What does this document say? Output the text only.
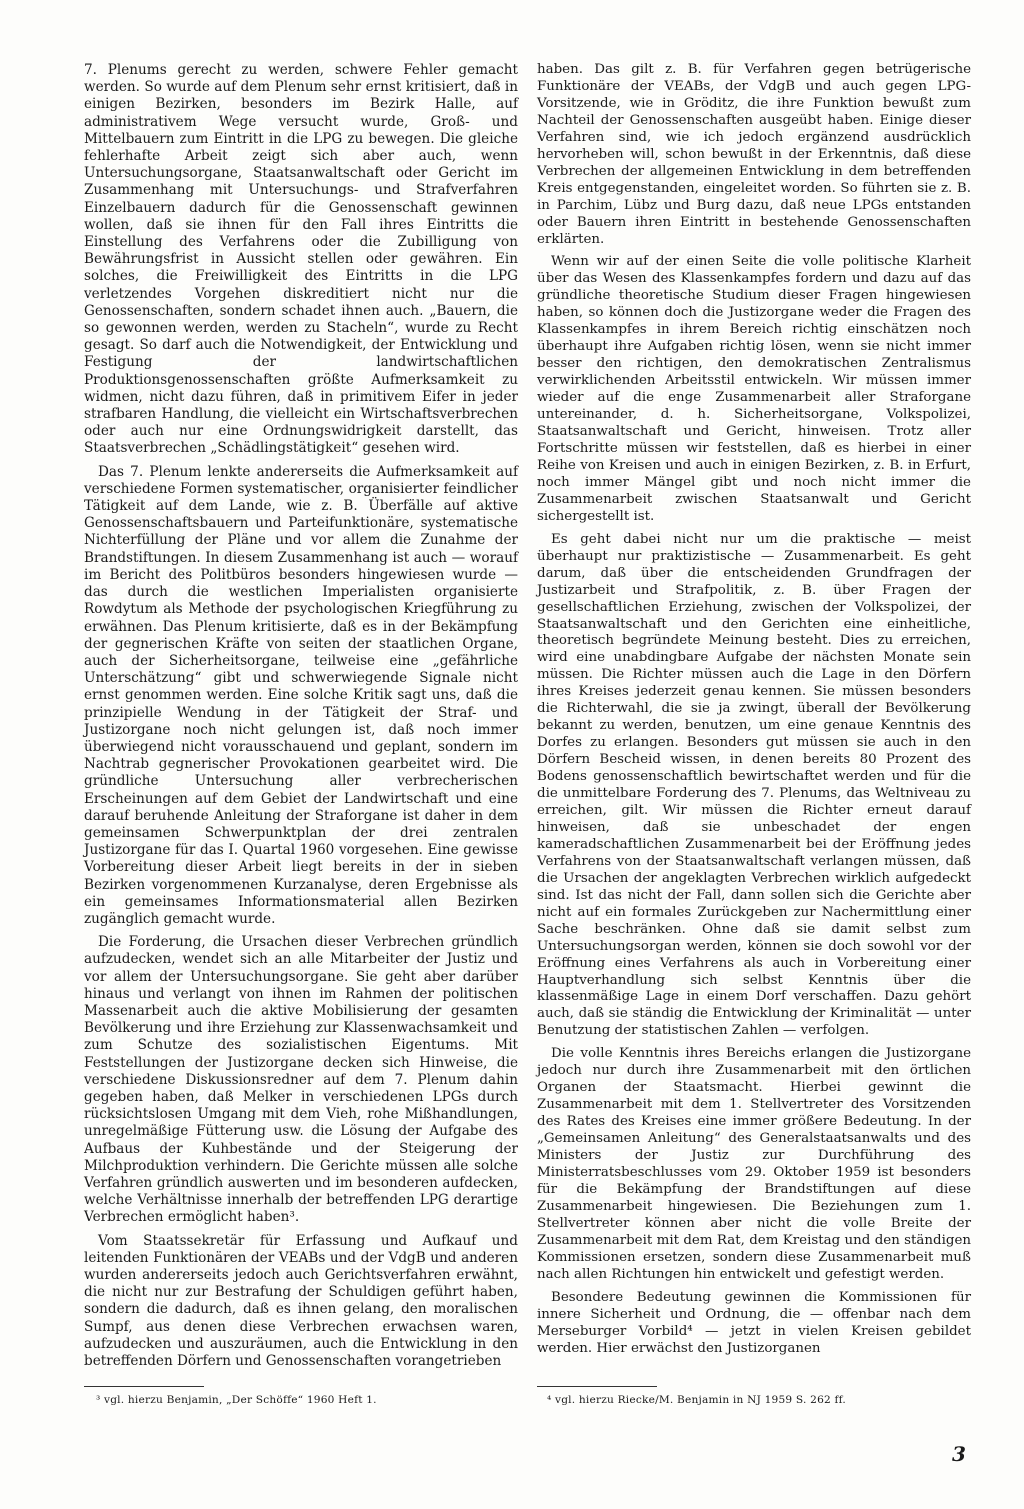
7. Plenums gerecht zu werden, schwere Fehler gemacht werden. So wurde auf dem Plenum sehr ernst kritisiert, daß in einigen Bezirken, besonders im Bezirk Halle, auf administrativem Wege versucht wurde, Groß- und Mittelbauern zum Eintritt in die LPG zu bewegen. Die gleiche fehlerhafte Arbeit zeigt sich aber auch, wenn Untersuchungsorgane, Staatsanwaltschaft oder Gericht im Zusammenhang mit Untersuchungs- und Strafverfahren Einzelbauern dadurch für die Genossenschaft gewinnen wollen, daß sie ihnen für den Fall ihres Eintritts die Einstellung des Verfahrens oder die Zubilligung von Bewährungsfrist in Aussicht stellen oder gewähren. Ein solches, die Freiwilligkeit des Eintritts in die LPG verletzendes Vorgehen diskreditiert nicht nur die Genossenschaften, sondern schadet ihnen auch. „Bauern, die so gewonnen werden, werden zu Stacheln“, wurde zu Recht gesagt. So darf auch die Notwendigkeit, der Entwicklung und Festigung der landwirtschaftlichen Produktionsgenossenschaften größte Aufmerksamkeit zu widmen, nicht dazu führen, daß in primitivem Eifer in jeder strafbaren Handlung, die vielleicht ein Wirtschaftsverbrechen oder auch nur eine Ordnungswidrigkeit darstellt, das Staatsverbrechen „Schädlingstätigkeit“ gesehen wird.

Das 7. Plenum lenkte andererseits die Aufmerksamkeit auf verschiedene Formen systematischer, organisierter feindlicher Tätigkeit auf dem Lande, wie z. B. Überfälle auf aktive Genossenschaftsbauern und Parteifunktionäre, systematische Nichterfüllung der Pläne und vor allem die Zunahme der Brandstiftungen. In diesem Zusammenhang ist auch — worauf im Bericht des Politbüros besonders hingewiesen wurde — das durch die westlichen Imperialisten organisierte Rowdytum als Methode der psychologischen Kriegführung zu erwähnen. Das Plenum kritisierte, daß es in der Bekämpfung der gegnerischen Kräfte von seiten der staatlichen Organe, auch der Sicherheitsorgane, teilweise eine „gefährliche Unterschätzung“ gibt und schwerwiegende Signale nicht ernst genommen werden. Eine solche Kritik sagt uns, daß die prinzipielle Wendung in der Tätigkeit der Straf- und Justizorgane noch nicht gelungen ist, daß noch immer überwiegend nicht vorausschauend und geplant, sondern im Nachtrab gegnerischer Provokationen gearbeitet wird. Die gründliche Untersuchung aller verbrecherischen Erscheinungen auf dem Gebiet der Landwirtschaft und eine darauf beruhende Anleitung der Straforgane ist daher in dem gemeinsamen Schwerpunktplan der drei zentralen Justizorgane für das I. Quartal 1960 vorgesehen. Eine gewisse Vorbereitung dieser Arbeit liegt bereits in der in sieben Bezirken vorgenommenen Kurzanalyse, deren Ergebnisse als ein gemeinsames Informationsmaterial allen Bezirken zugänglich gemacht wurde.

Die Forderung, die Ursachen dieser Verbrechen gründlich aufzudecken, wendet sich an alle Mitarbeiter der Justiz und vor allem der Untersuchungsorgane. Sie geht aber darüber hinaus und verlangt von ihnen im Rahmen der politischen Massenarbeit auch die aktive Mobilisierung der gesamten Bevölkerung und ihre Erziehung zur Klassenwachsamkeit und zum Schutze des sozialistischen Eigentums. Mit Feststellungen der Justizorgane decken sich Hinweise, die verschiedene Diskussionsredner auf dem 7. Plenum dahin gegeben haben, daß Melker in verschiedenen LPGs durch rücksichtslosen Umgang mit dem Vieh, rohe Mißhandlungen, unregelmäßige Fütterung usw. die Lösung der Aufgabe des Aufbaus der Kuhbestände und der Steigerung der Milchproduktion verhindern. Die Gerichte müssen alle solche Verfahren gründlich auswerten und im besonderen aufdecken, welche Verhältnisse innerhalb der betreffenden LPG derartige Verbrechen ermöglicht haben³.

Vom Staatssekretär für Erfassung und Aufkauf und leitenden Funktionären der VEABs und der VdgB und anderen wurden andererseits jedoch auch Gerichtsverfahren erwähnt, die nicht nur zur Bestrafung der Schuldigen geführt haben, sondern die dadurch, daß es ihnen gelang, den moralischen Sumpf, aus denen diese Verbrechen erwachsen waren, aufzudecken und auszuräumen, auch die Entwicklung in den betreffenden Dörfern und Genossenschaften vorangetrieben

haben. Das gilt z. B. für Verfahren gegen betrügerische Funktionäre der VEABs, der VdgB und auch gegen LPG-Vorsitzende, wie in Gröditz, die ihre Funktion bewußt zum Nachteil der Genossenschaften ausgeübt haben. Einige dieser Verfahren sind, wie ich jedoch ergänzend ausdrücklich hervorheben will, schon bewußt in der Erkenntnis, daß diese Verbrechen der allgemeinen Entwicklung in dem betreffenden Kreis entgegenstanden, eingeleitet worden. So führten sie z. B. in Parchim, Lübz und Burg dazu, daß neue LPGs entstanden oder Bauern ihren Eintritt in bestehende Genossenschaften erklärten.

Wenn wir auf der einen Seite die volle politische Klarheit über das Wesen des Klassenkampfes fordern und dazu auf das gründliche theoretische Studium dieser Fragen hingewiesen haben, so können doch die Justizorgane weder die Fragen des Klassenkampfes in ihrem Bereich richtig einschätzen noch überhaupt ihre Aufgaben richtig lösen, wenn sie nicht immer besser den richtigen, den demokratischen Zentralismus verwirklichenden Arbeitsstil entwickeln. Wir müssen immer wieder auf die enge Zusammenarbeit aller Straforgane untereinander, d. h. Sicherheitsorgane, Volkspolizei, Staatsanwaltschaft und Gericht, hinweisen. Trotz aller Fortschritte müssen wir feststellen, daß es hierbei in einer Reihe von Kreisen und auch in einigen Bezirken, z. B. in Erfurt, noch immer Mängel gibt und noch nicht immer die Zusammenarbeit zwischen Staatsanwalt und Gericht sichergestellt ist.

Es geht dabei nicht nur um die praktische — meist überhaupt nur praktizistische — Zusammenarbeit. Es geht darum, daß über die entscheidenden Grundfragen der Justizarbeit und Strafpolitik, z. B. über Fragen der gesellschaftlichen Erziehung, zwischen der Volkspolizei, der Staatsanwaltschaft und den Gerichten eine einheitliche, theoretisch begründete Meinung besteht. Dies zu erreichen, wird eine unabdingbare Aufgabe der nächsten Monate sein müssen. Die Richter müssen auch die Lage in den Dörfern ihres Kreises jederzeit genau kennen. Sie müssen besonders die Richterwahl, die sie ja zwingt, überall der Bevölkerung bekannt zu werden, benutzen, um eine genaue Kenntnis des Dorfes zu erlangen. Besonders gut müssen sie auch in den Dörfern Bescheid wissen, in denen bereits 80 Prozent des Bodens genossenschaftlich bewirtschaftet werden und für die die unmittelbare Forderung des 7. Plenums, das Weltniveau zu erreichen, gilt. Wir müssen die Richter erneut darauf hinweisen, daß sie unbeschadet der engen kameradschaftlichen Zusammenarbeit bei der Eröffnung jedes Verfahrens von der Staatsanwaltschaft verlangen müssen, daß die Ursachen der angeklagten Verbrechen wirklich aufgedeckt sind. Ist das nicht der Fall, dann sollen sich die Gerichte aber nicht auf ein formales Zurückgeben zur Nachermittlung einer Sache beschränken. Ohne daß sie damit selbst zum Untersuchungsorgan werden, können sie doch sowohl vor der Eröffnung eines Verfahrens als auch in Vorbereitung einer Hauptverhandlung sich selbst Kenntnis über die klassenmäßige Lage in einem Dorf verschaffen. Dazu gehört auch, daß sie ständig die Entwicklung der Kriminalität — unter Benutzung der statistischen Zahlen — verfolgen.

Die volle Kenntnis ihres Bereichs erlangen die Justizorgane jedoch nur durch ihre Zusammenarbeit mit den örtlichen Organen der Staatsmacht. Hierbei gewinnt die Zusammenarbeit mit dem 1. Stellvertreter des Vorsitzenden des Rates des Kreises eine immer größere Bedeutung. In der „Gemeinsamen Anleitung“ des Generalstaatsanwalts und des Ministers der Justiz zur Durchführung des Ministerratsbeschlusses vom 29. Oktober 1959 ist besonders für die Bekämpfung der Brandstiftungen auf diese Zusammenarbeit hingewiesen. Die Beziehungen zum 1. Stellvertreter können aber nicht die volle Breite der Zusammenarbeit mit dem Rat, dem Kreistag und den ständigen Kommissionen ersetzen, sondern diese Zusammenarbeit muß nach allen Richtungen hin entwickelt und gefestigt werden.

Besondere Bedeutung gewinnen die Kommissionen für innere Sicherheit und Ordnung, die — offenbar nach dem Merseburger Vorbild⁴ — jetzt in vielen Kreisen gebildet werden. Hier erwächst den Justizorganen

³ vgl. hierzu Benjamin, „Der Schöffe“ 1960 Heft 1.	⁴ vgl. hierzu Riecke/M. Benjamin in NJ 1959 S. 262 ff.
3
